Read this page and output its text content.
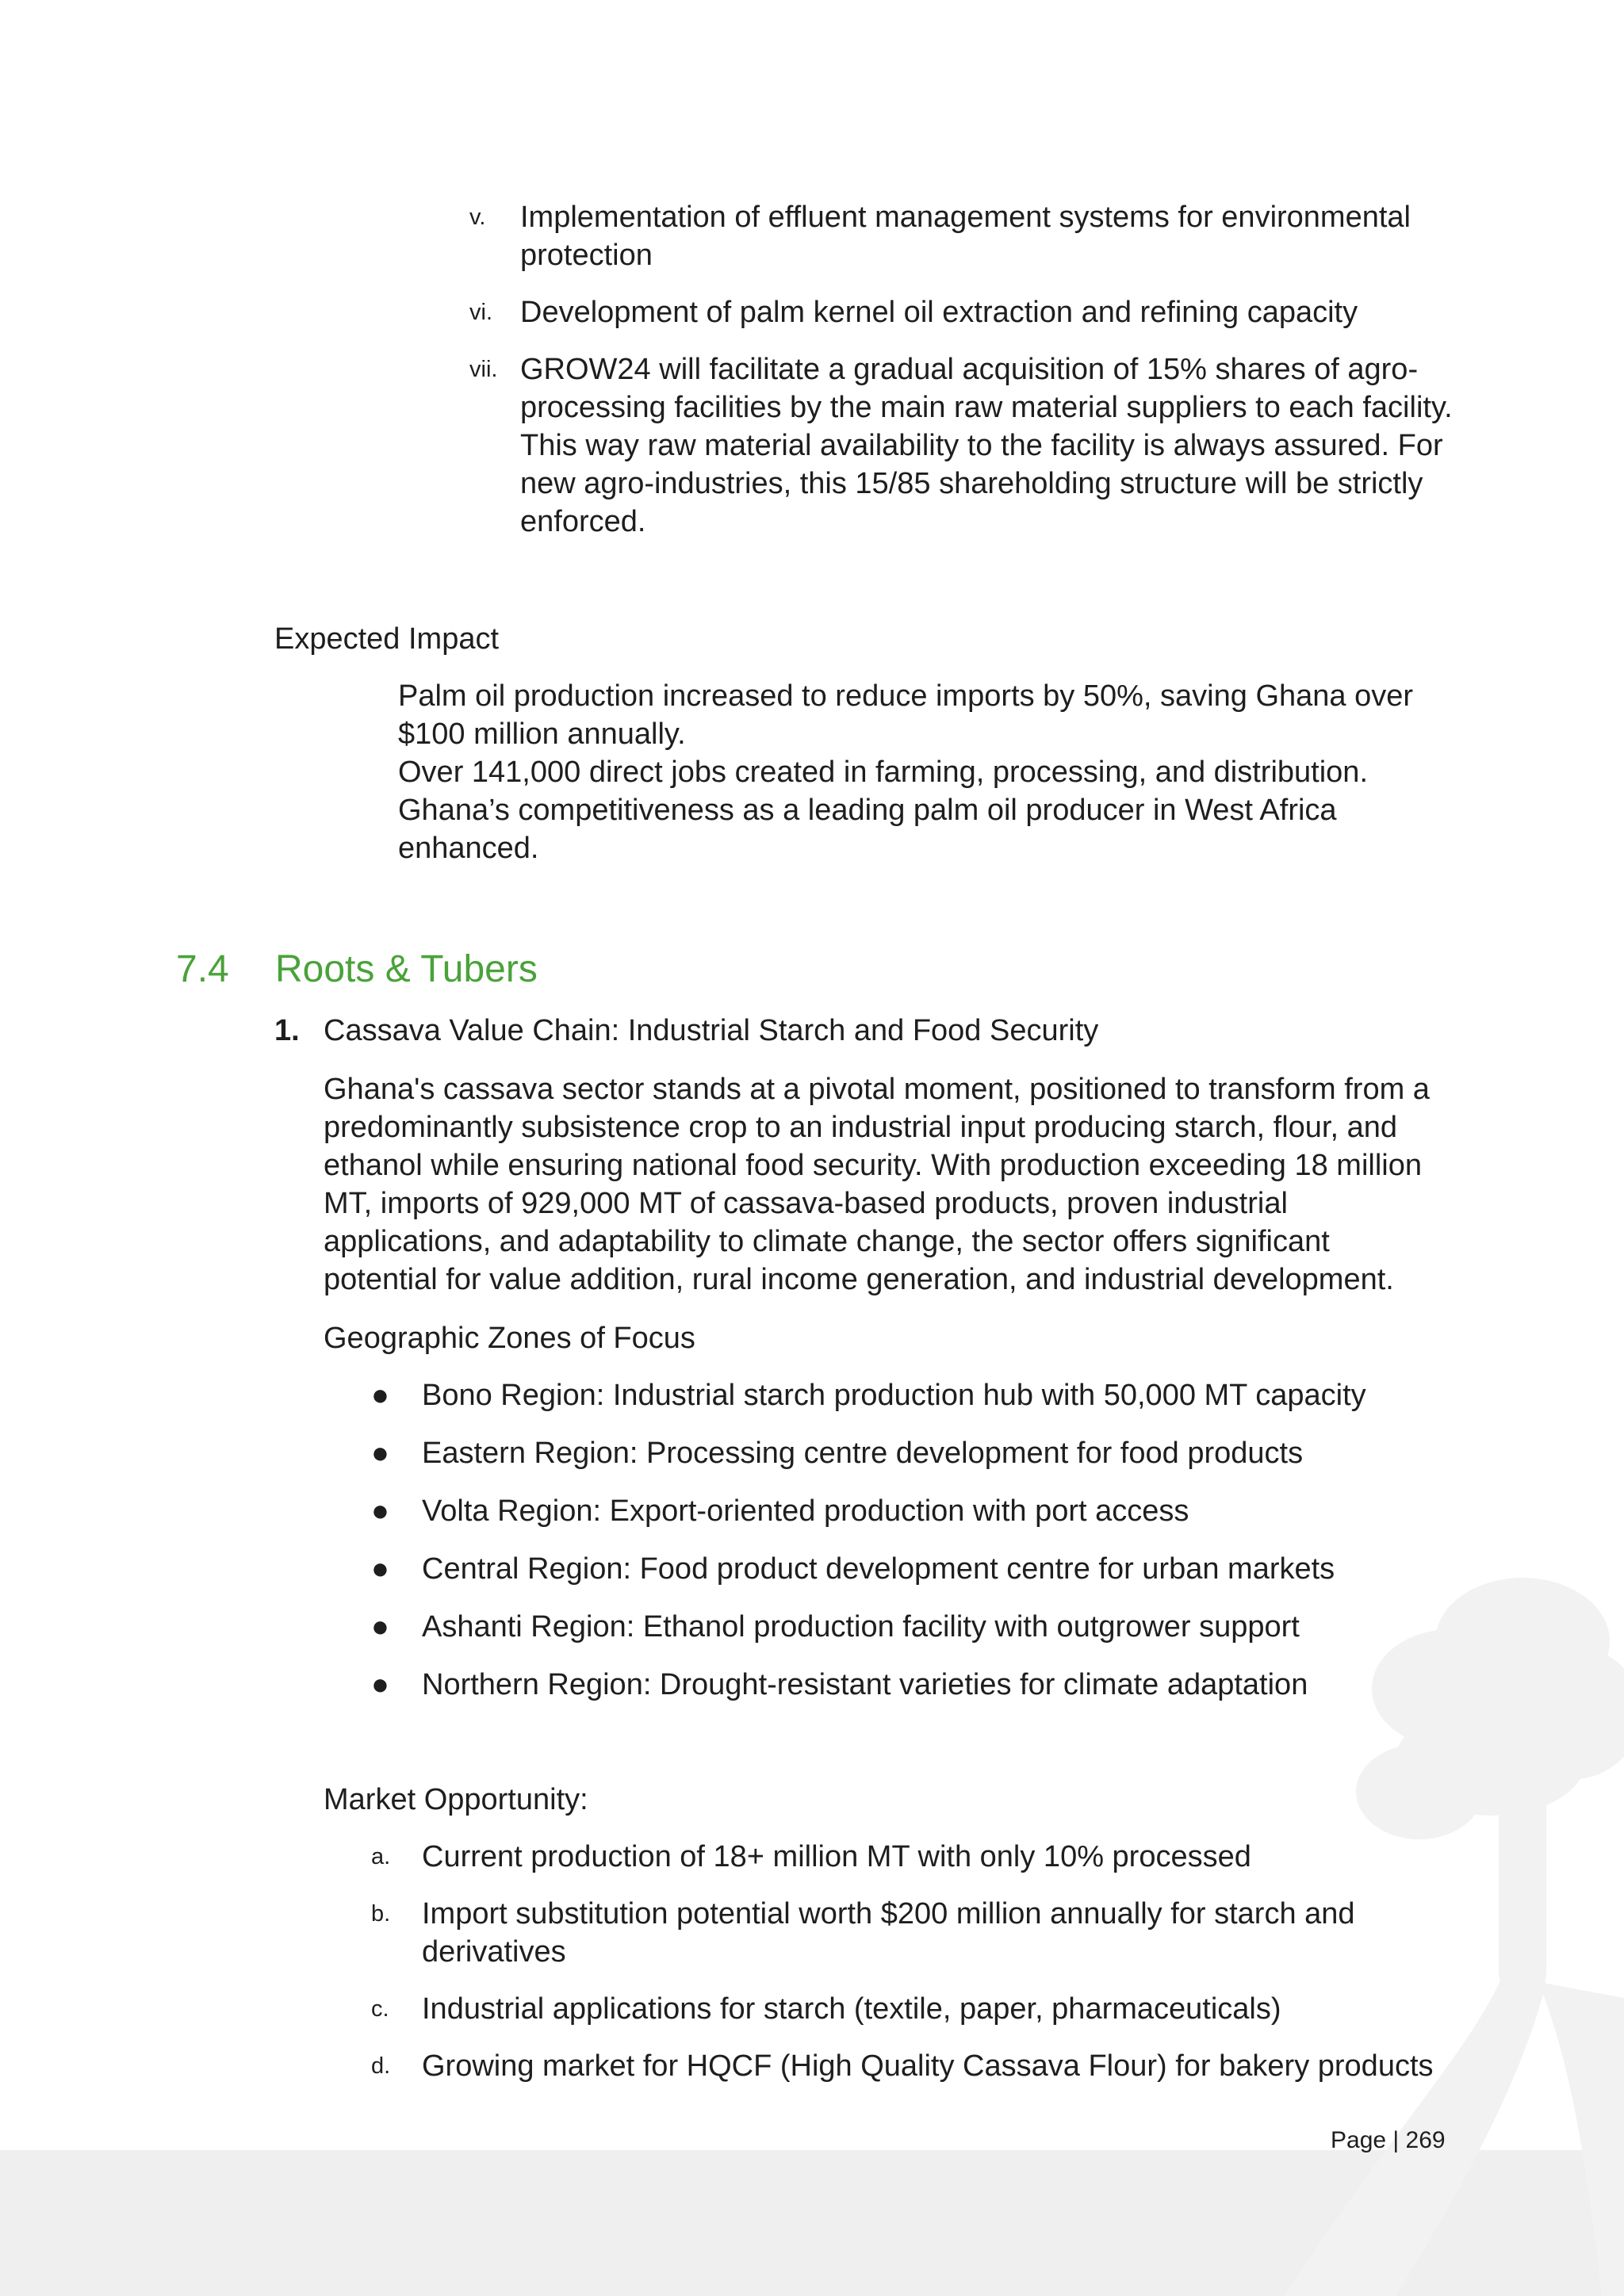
v.	Implementation of effluent management systems for environmental protection
vi. Development of palm kernel oil extraction and refining capacity
vii. GROW24 will facilitate a gradual acquisition of 15% shares of agro-processing facilities by the main raw material suppliers to each facility. This way raw material availability to the facility is always assured. For new agro-industries, this 15/85 shareholding structure will be strictly enforced.
Expected Impact
Palm oil production increased to reduce imports by 50%, saving Ghana over $100 million annually.
Over 141,000 direct jobs created in farming, processing, and distribution.
Ghana’s competitiveness as a leading palm oil producer in West Africa enhanced.
7.4	Roots & Tubers
1. Cassava Value Chain: Industrial Starch and Food Security
Ghana's cassava sector stands at a pivotal moment, positioned to transform from a predominantly subsistence crop to an industrial input producing starch, flour, and ethanol while ensuring national food security. With production exceeding 18 million MT, imports of 929,000 MT of cassava-based products, proven industrial applications, and adaptability to climate change, the sector offers significant potential for value addition, rural income generation, and industrial development.
Geographic Zones of Focus
●	Bono Region: Industrial starch production hub with 50,000 MT capacity
●	Eastern Region: Processing centre development for food products
●	Volta Region: Export-oriented production with port access
●	Central Region: Food product development centre for urban markets
●	Ashanti Region: Ethanol production facility with outgrower support
●	Northern Region: Drought-resistant varieties for climate adaptation
Market Opportunity:
a.	Current production of 18+ million MT with only 10% processed
b.	Import substitution potential worth $200 million annually for starch and derivatives
c.	Industrial applications for starch (textile, paper, pharmaceuticals)
d.	Growing market for HQCF (High Quality Cassava Flour) for bakery products
Page | 269
